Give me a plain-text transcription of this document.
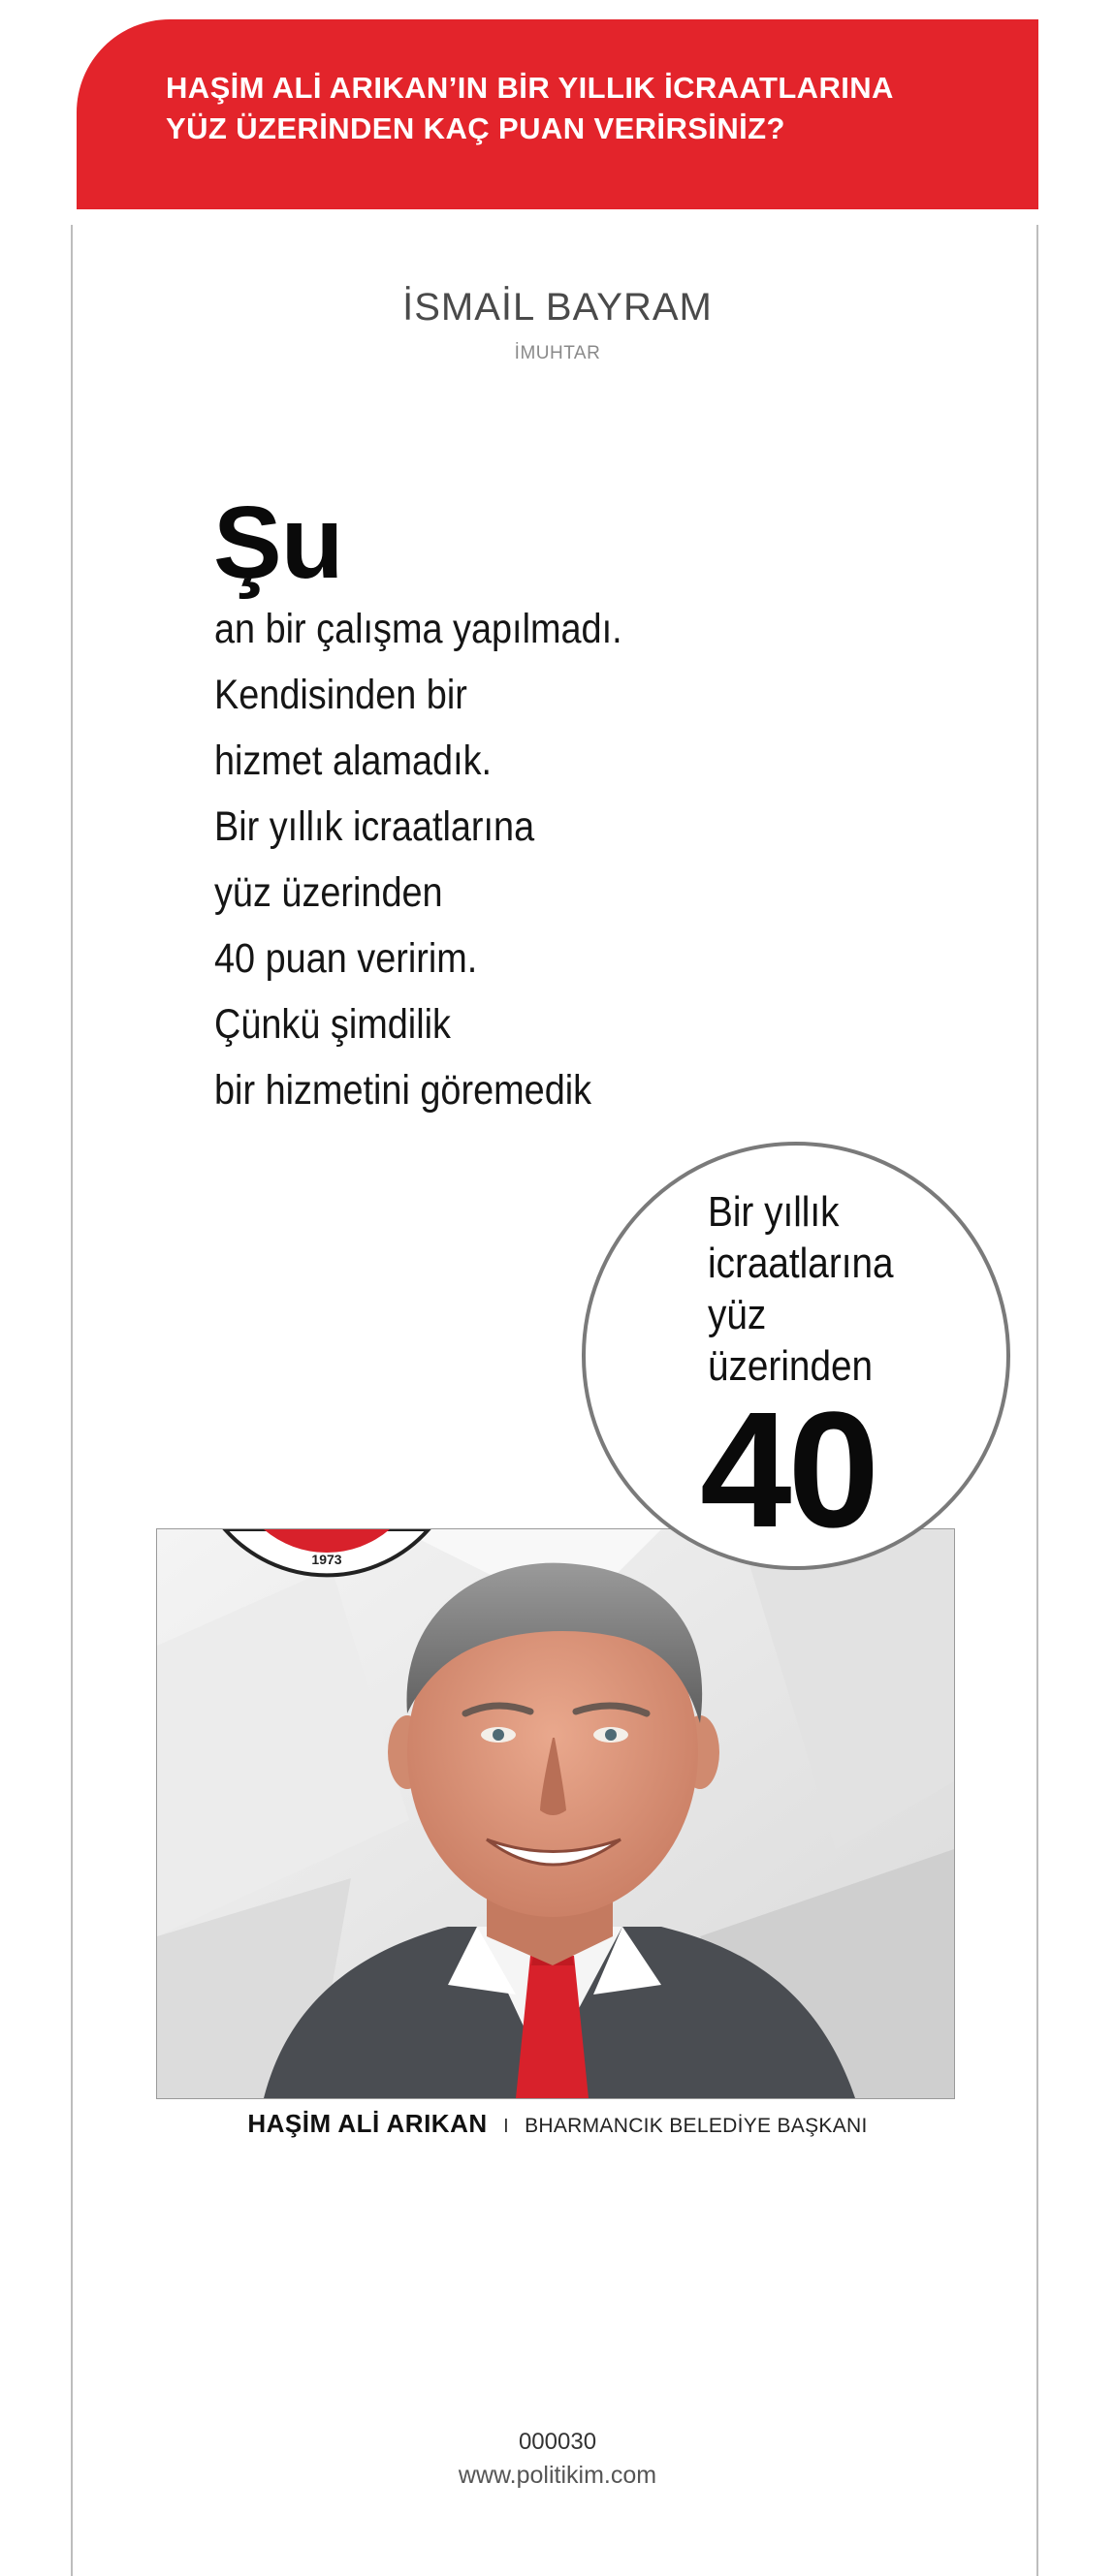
HAŞİM ALİ ARIKAN’IN BİR YILLIK İCRAATLARINA
YÜZ ÜZERİNDEN KAÇ PUAN VERİRSİNİZ?
İSMAİL BAYRAM
İMUHTAR
Şu
an bir çalışma yapılmadı.
Kendisinden bir
hizmet alamadık.
Bir yıllık icraatlarına
yüz üzerinden
40 puan veririm.
Çünkü şimdilik
bir hizmetini göremedik
Bir yıllık
icraatlarına
yüz
üzerinden
40
1973
HAŞİM ALİ ARIKAN I BHARMANCIK BELEDİYE BAŞKANI
000030
www.politikim.com
